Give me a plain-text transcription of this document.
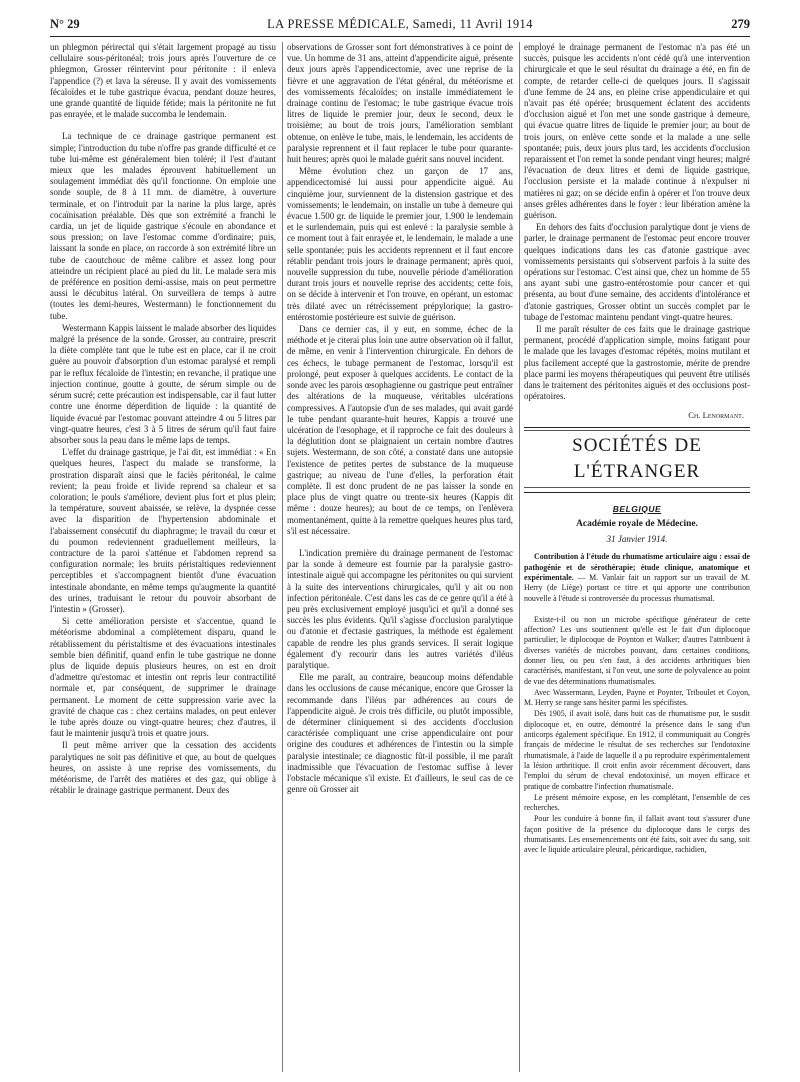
N° 29	LA PRESSE MÉDICALE, Samedi, 11 Avril 1914	279

un phlegmon périrectal qui s'était largement propagé au tissu cellulaire sous-péritonéal; trois jours après l'ouverture de ce phlegmon, Grosser réintervint pour péritonite : il enleva l'appendice (?) et lava la séreuse. Il y avait des vomissements fécaloïdes et le tube gastrique évacua, pendant douze heures, une grande quantité de liquide fétide; mais la péritonite ne fut pas enrayée, et le malade succomba le lendemain.

La technique de ce drainage gastrique permanent est simple; l'introduction du tube n'offre pas grande difficulté et ce tube lui-même est généralement bien toléré; il l'est d'autant mieux que les malades éprouvent habituellement un soulagement immédiat dès qu'il fonctionne. On emploie une sonde souple, de 8 à 11 mm. de diamètre, à ouverture terminale, et on l'introduit par la narine la plus large, après cocaïnisation préalable. Dès que son extrémité a franchi le cardia, un jet de liquide gastrique s'écoule en abondance et sous pression; on lave l'estomac comme d'ordinaire; puis, laissant la sonde en place, on raccorde à son extrémité libre un tube de caoutchouc de même calibre et assez long pour atteindre un récipient placé au pied du lit. Le malade sera mis de préférence en position demi-assise, mais on peut permettre aussi le décubitus latéral. On surveillera de temps à autre (toutes les demi-heures, Westermann) le fonctionnement du tube.

Westermann Kappis laissent le malade absorber des liquides malgré la présence de la sonde. Grosser, au contraire, prescrit la diète complète tant que le tube est en place, car il ne croit guère au pouvoir d'absorption d'un estomac paralysé et rempli par le reflux fécaloïde de l'intestin; en revanche, il pratique une injection continue, goutte à goutte, de sérum simple ou de sérum sucré; cette précaution est indispensable, car il faut lutter contre une énorme déperdition de liquide : la quantité de liquide évacué par l'estomac pouvant atteindre 4 ou 5 litres par vingt-quatre heures, c'est 3 à 5 litres de sérum qu'il faut faire absorber sous la peau dans le même laps de temps.

L'effet du drainage gastrique, je l'ai dit, est immédiat : « En quelques heures, l'aspect du malade se transforme, la prostration disparaît ainsi que le faciès péritonéal, le calme revient; la peau froide et livide reprend sa chaleur et sa coloration; le pouls s'améliore, devient plus fort et plus plein; la température, souvent abaissée, se relève, la dyspnée cesse avec la disparition de l'hypertension abdominale et l'abaissement consécutif du diaphragme; le travail du cœur et du poumon redeviennent graduellement meilleurs, la contracture de la paroi s'atténue et l'abdomen reprend sa configuration normale; les bruits péristaltiques redeviennent perceptibles et s'accompagnent bientôt d'une évacuation intestinale abondante, en même temps qu'augmente la quantité des urines, traduisant le retour du pouvoir absorbant de l'intestin » (Grosser).

Si cette amélioration persiste et s'accentue, quand le météorisme abdominal a complètement disparu, quand le rétablissement du péristaltisme et des évacuations intestinales semble bien définitif, quand enfin le tube gastrique ne donne plus de liquide depuis plusieurs heures, on est en droit d'admettre qu'estomac et intestin ont repris leur contractilité normale et, par conséquent, de supprimer le drainage permanent. Le moment de cette suppression varie avec la gravité de chaque cas : chez certains malades, on peut enlever le tube après douze ou vingt-quatre heures; chez d'autres, il faut le maintenir jusqu'à trois et quatre jours.

Il peut même arriver que la cessation des accidents paralytiques ne soit pas définitive et que, au bout de quelques heures, on assiste à une reprise des vomissements, du météorisme, de l'arrêt des matières et des gaz, qui oblige à rétablir le drainage gastrique permanent. Deux des

observations de Grosser sont fort démonstratives à ce point de vue. Un homme de 31 ans, atteint d'appendicite aiguë, présente deux jours après l'appendicectomie, avec une reprise de la fièvre et une aggravation de l'état général, du météorisme et des vomissements fécaloïdes; on installe immédiatement le drainage continu de l'estomac; le tube gastrique évacue trois litres de liquide le premier jour, deux le second, deux le troisième; au bout de trois jours, l'amélioration semblant obtenue, on enlève le tube, mais, le lendemain, les accidents de paralysie reprennent et il faut replacer le tube pour quarante-huit heures; après quoi le malade guérit sans nouvel incident.

Même évolution chez un garçon de 17 ans, appendicectomisé lui aussi pour appendicite aiguë. Au cinquième jour, surviennent de la distension gastrique et des vomissements; le lendemain, on installe un tube à demeure qui évacue 1.500 gr. de liquide le premier jour, 1.900 le lendemain et le surlendemain, puis qui est enlevé : la paralysie semble à ce moment tout à fait enrayée et, le lendemain, le malade a une selle spontanée; puis les accidents reprennent et il faut encore rétablir pendant trois jours le drainage permanent; après quoi, nouvelle suppression du tube, nouvelle période d'amélioration durant trois jours et nouvelle reprise des accidents; cette fois, on se décide à intervenir et l'on trouve, en opérant, un estomac très dilaté avec un rétrécissement prépylorique; la gastro-entérostomie postérieure est suivie de guérison.

Dans ce dernier cas, il y eut, en somme, échec de la méthode et je citerai plus loin une autre observation où il fallut, de même, en venir à l'intervention chirurgicale. En dehors de ces échecs, le tubage permanent de l'estomac, lorsqu'il est prolongé, peut exposer à quelques accidents. Le contact de la sonde avec les parois œsophagienne ou gastrique peut entraîner des altérations de la muqueuse, véritables ulcérations compressives. A l'autopsie d'un de ses malades, qui avait gardé le tube pendant quarante-huit heures, Kappis a trouvé une ulcération de l'œsophage, et il rapproche ce fait des douleurs à la déglutition dont se plaignaient un certain nombre d'autres sujets. Westermann, de son côté, a constaté dans une autopsie l'existence de petites pertes de substance de la muqueuse gastrique; au niveau de l'une d'elles, la perforation était complète. Il est donc prudent de ne pas laisser la sonde en place plus de vingt quatre ou trente-six heures (Kappis dit même : douze heures); au bout de ce temps, on l'enlèvera momentanément, quitte à la remettre quelques heures plus tard, s'il est nécessaire.

L'indication première du drainage permanent de l'estomac par la sonde à demeure est fournie par la paralysie gastro-intestinale aiguë qui accompagne les péritonites ou qui survient à la suite des interventions chirurgicales, qu'il y ait ou non infection péritonéale. C'est dans les cas de ce genre qu'il a été à peu près exclusivement employé jusqu'ici et qu'il a donné ses succès les plus évidents. Qu'il s'agisse d'occlusion paralytique ou d'atonie et d'ectasie gastriques, la méthode est également capable de rendre les plus grands services. Il serait logique également d'y recourir dans les autres variétés d'iléus paralytique.

Elle me paraît, au contraire, beaucoup moins défendable dans les occlusions de cause mécanique, encore que Grosser la recommande dans l'iléus par adhérences au cours de l'appendicite aiguë. Je crois très difficile, ou plutôt impossible, de déterminer cliniquement si des accidents d'occlusion caractérisée compliquant une crise appendiculaire ont pour origine des coudures et adhérences de l'intestin ou la simple paralysie intestinale; ce diagnostic fût-il possible, il me paraît inadmissible que l'évacuation de l'estomac suffise à lever l'obstacle mécanique s'il existe. Et d'ailleurs, le seul cas de ce genre où Grosser ait

employé le drainage permanent de l'estomac n'a pas été un succès, puisque les accidents n'ont cédé qu'à une intervention chirurgicale et que le seul résultat du drainage a été, en fin de compte, de retarder celle-ci de quelques jours. Il s'agissait d'une femme de 24 ans, en pleine crise appendiculaire et qui n'avait pas été opérée; brusquement éclatent des accidents d'occlusion aiguë et l'on met une sonde gastrique à demeure, qui évacue quatre litres de liquide le premier jour; au bout de trois jours, on enlève cette sonde et la malade a une selle spontanée; puis, deux jours plus tard, les accidents d'occlusion reparaissent et l'on remet la sonde pendant vingt heures; malgré l'évacuation de deux litres et demi de liquide gastrique, l'occlusion persiste et la malade continue à n'expulser ni matières ni gaz; on se décide enfin à opérer et l'on trouve deux anses grêles adhérentes dans le foyer : leur libération amène la guérison.

En dehors des faits d'occlusion paralytique dont je viens de parler, le drainage permanent de l'estomac peut encore trouver quelques indications dans les cas d'atonie gastrique avec vomissements persistants qui s'observent parfois à la suite des opérations sur l'estomac. C'est ainsi que, chez un homme de 55 ans ayant subi une gastro-entérostomie pour cancer et qui présenta, au bout d'une semaine, des accidents d'intolérance et d'atonie gastriques, Grosser obtint un succès complet par le tubage de l'estomac maintenu pendant vingt-quatre heures.

Il me paraît résulter de ces faits que le drainage gastrique permanent, procédé d'application simple, moins fatigant pour le malade que les lavages d'estomac répétés, moins mutilant et plus facilement accepté que la gastrostomie, mérite de prendre place parmi les moyens thérapeutiques qui peuvent être utilisés dans le traitement des péritonites aiguës et des occlusions post-opératoires.

Ch. Lenormant.
SOCIÉTÉS DE L'ÉTRANGER
BELGIQUE
Académie royale de Médecine.
31 Janvier 1914.

Contribution à l'étude du rhumatisme articulaire aigu : essai de pathogénie et de sérothérapie; étude clinique, anatomique et expérimentale. — M. Vanlair fait un rapport sur un travail de M. Herry (de Liège) portant ce titre et qui apporte une contribution nouvelle à l'étude si controversée du processus rhumatismal.

Existe-t-il ou non un microbe spécifique générateur de cette affection? Les uns soutiennent qu'elle est le fait d'un diplocoque particulier, le diplocoque de Poynton et Walker; d'autres l'attribuent à diverses variétés de microbes pouvant, dans certaines conditions, donner lieu, ou peu s'en faut, à des accidents arthritiques bien caractérisés, manifestant, si l'on veut, une sorte de polyvalence au point de vue des déterminations rhumatismales.

Avec Wassermann, Leyden, Payne et Poynter, Triboulet et Coyon, M. Herry se range sans hésiter parmi les spécifistes.

Dès 1905, il avait isolé, dans huit cas de rhumatisme pur, le susdit diplocoque et, en outre, démontré la présence dans le sang d'un anticorps également spécifique. En 1912, il communiquait au Congrès français de médecine le résultat de ses recherches sur l'endotoxine rhumatismale, à l'aide de laquelle il a pu reproduire expérimentalement la lésion arthritique. Il croit enfin avoir récemment découvert, dans l'emploi du sérum de cheval endotoxinisé, un moyen efficace et pratique de combattre l'infection rhumatismale.

Le présent mémoire expose, en les complétant, l'ensemble de ces recherches.

Pour les conduire à bonne fin, il fallait avant tout s'assurer d'une façon positive de la présence du diplocoque dans le corps des rhumatisants. Les ensemencements ont été faits, soit avec du sang, soit avec le liquide articulaire pleural, péricardique, rachidien,
